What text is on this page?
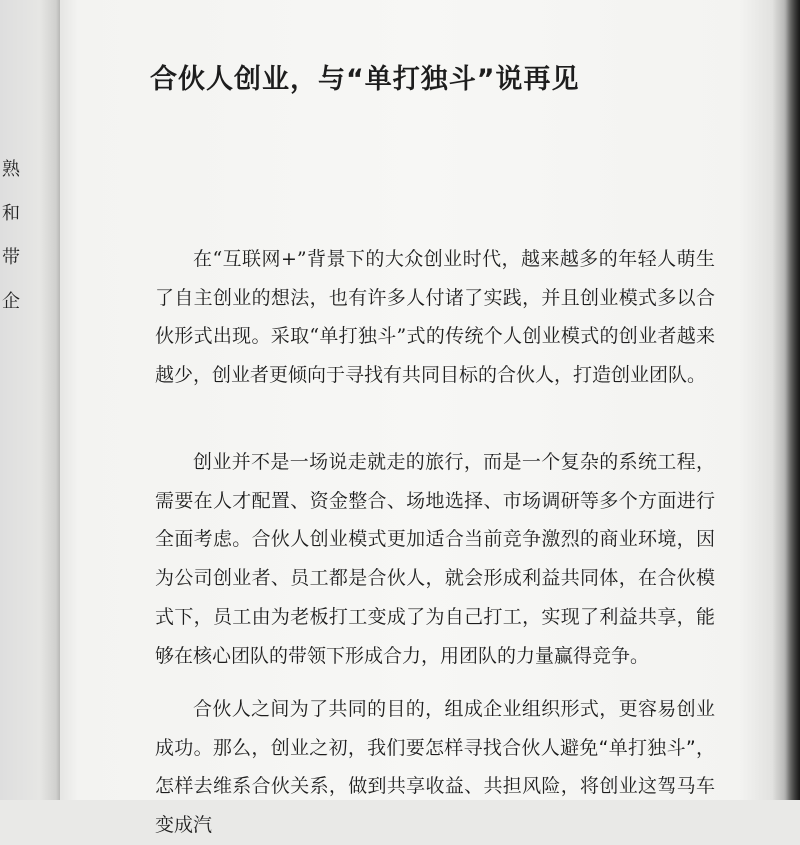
熟
和
带
企
合伙人创业，与“单打独斗”说再见

在“互联网+”背景下的大众创业时代，越来越多的年轻人萌生了自主创业的想法，也有许多人付诸了实践，并且创业模式多以合伙形式出现。采取“单打独斗”式的传统个人创业模式的创业者越来越少，创业者更倾向于寻找有共同目标的合伙人，打造创业团队。

创业并不是一场说走就走的旅行，而是一个复杂的系统工程，需要在人才配置、资金整合、场地选择、市场调研等多个方面进行全面考虑。合伙人创业模式更加适合当前竞争激烈的商业环境，因为公司创业者、员工都是合伙人，就会形成利益共同体，在合伙模式下，员工由为老板打工变成了为自己打工，实现了利益共享，能够在核心团队的带领下形成合力，用团队的力量赢得竞争。

合伙人之间为了共同的目的，组成企业组织形式，更容易创业成功。那么，创业之初，我们要怎样寻找合伙人避免“单打独斗”，怎样去维系合伙关系，做到共享收益、共担风险，将创业这驾马车变成汽
